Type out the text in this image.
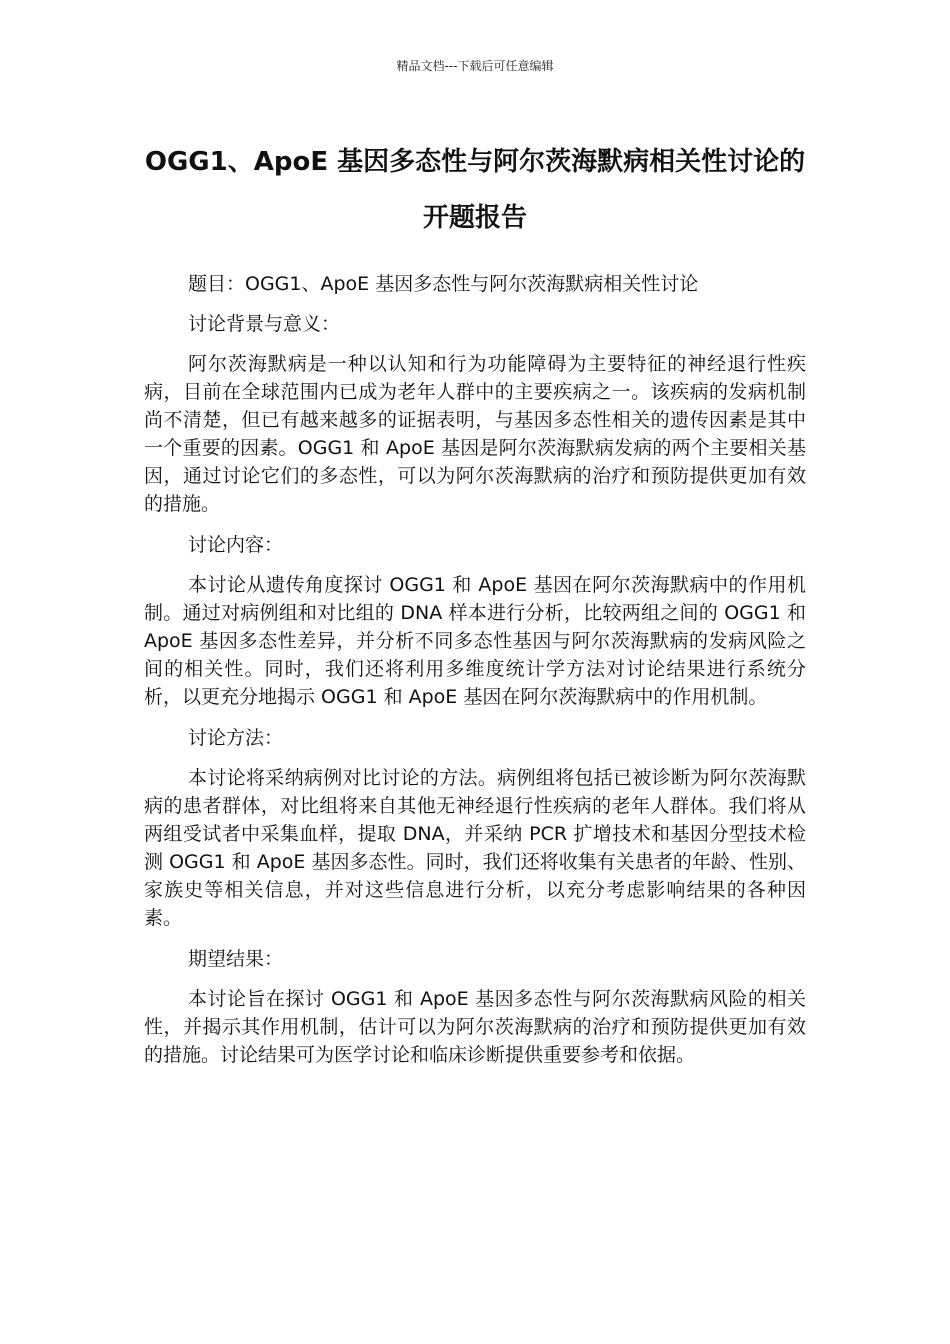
精品文档---下载后可任意编辑
OGG1、ApoE 基因多态性与阿尔茨海默病相关性讨论的开题报告

题目：OGG1、ApoE 基因多态性与阿尔茨海默病相关性讨论

讨论背景与意义：

阿尔茨海默病是一种以认知和行为功能障碍为主要特征的神经退行性疾病，目前在全球范围内已成为老年人群中的主要疾病之一。该疾病的发病机制尚不清楚，但已有越来越多的证据表明，与基因多态性相关的遗传因素是其中一个重要的因素。OGG1 和 ApoE 基因是阿尔茨海默病发病的两个主要相关基因，通过讨论它们的多态性，可以为阿尔茨海默病的治疗和预防提供更加有效的措施。

讨论内容：

本讨论从遗传角度探讨 OGG1 和 ApoE 基因在阿尔茨海默病中的作用机制。通过对病例组和对比组的 DNA 样本进行分析，比较两组之间的 OGG1 和 ApoE 基因多态性差异，并分析不同多态性基因与阿尔茨海默病的发病风险之间的相关性。同时，我们还将利用多维度统计学方法对讨论结果进行系统分析，以更充分地揭示 OGG1 和 ApoE 基因在阿尔茨海默病中的作用机制。

讨论方法：

本讨论将采纳病例对比讨论的方法。病例组将包括已被诊断为阿尔茨海默病的患者群体，对比组将来自其他无神经退行性疾病的老年人群体。我们将从两组受试者中采集血样，提取 DNA，并采纳 PCR 扩增技术和基因分型技术检测 OGG1 和 ApoE 基因多态性。同时，我们还将收集有关患者的年龄、性别、家族史等相关信息，并对这些信息进行分析，以充分考虑影响结果的各种因素。

期望结果：

本讨论旨在探讨 OGG1 和 ApoE 基因多态性与阿尔茨海默病风险的相关性，并揭示其作用机制，估计可以为阿尔茨海默病的治疗和预防提供更加有效的措施。讨论结果可为医学讨论和临床诊断提供重要参考和依据。
